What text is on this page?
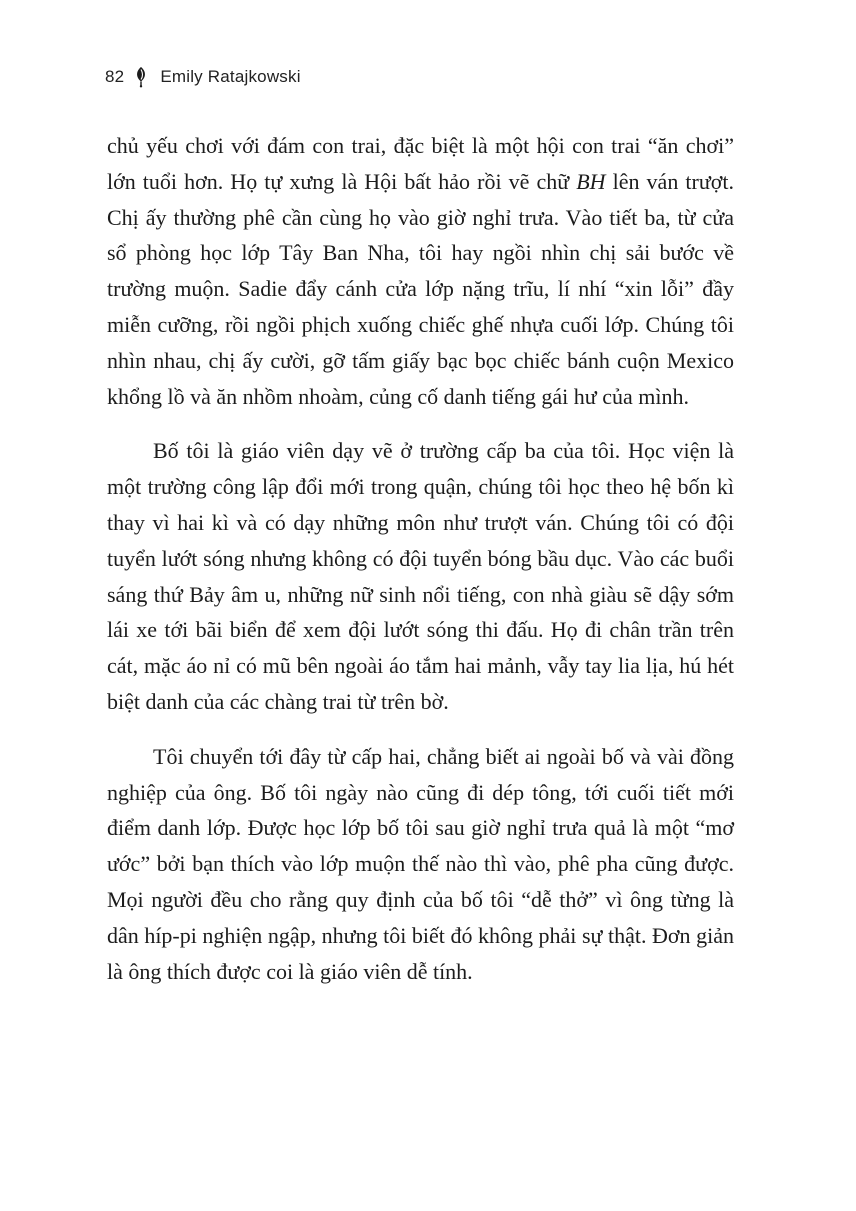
82 Emily Ratajkowski

chủ yếu chơi với đám con trai, đặc biệt là một hội con trai “ăn chơi” lớn tuổi hơn. Họ tự xưng là Hội bất hảo rồi vẽ chữ BH lên ván trượt. Chị ấy thường phê cần cùng họ vào giờ nghỉ trưa. Vào tiết ba, từ cửa sổ phòng học lớp Tây Ban Nha, tôi hay ngồi nhìn chị sải bước về trường muộn. Sadie đẩy cánh cửa lớp nặng trĩu, lí nhí “xin lỗi” đầy miễn cưỡng, rồi ngồi phịch xuống chiếc ghế nhựa cuối lớp. Chúng tôi nhìn nhau, chị ấy cười, gỡ tấm giấy bạc bọc chiếc bánh cuộn Mexico khổng lồ và ăn nhồm nhoàm, củng cố danh tiếng gái hư của mình.

Bố tôi là giáo viên dạy vẽ ở trường cấp ba của tôi. Học viện là một trường công lập đổi mới trong quận, chúng tôi học theo hệ bốn kì thay vì hai kì và có dạy những môn như trượt ván. Chúng tôi có đội tuyển lướt sóng nhưng không có đội tuyển bóng bầu dục. Vào các buổi sáng thứ Bảy âm u, những nữ sinh nổi tiếng, con nhà giàu sẽ dậy sớm lái xe tới bãi biển để xem đội lướt sóng thi đấu. Họ đi chân trần trên cát, mặc áo nỉ có mũ bên ngoài áo tắm hai mảnh, vẫy tay lia lịa, hú hét biệt danh của các chàng trai từ trên bờ.

Tôi chuyển tới đây từ cấp hai, chẳng biết ai ngoài bố và vài đồng nghiệp của ông. Bố tôi ngày nào cũng đi dép tông, tới cuối tiết mới điểm danh lớp. Được học lớp bố tôi sau giờ nghỉ trưa quả là một “mơ ước” bởi bạn thích vào lớp muộn thế nào thì vào, phê pha cũng được. Mọi người đều cho rằng quy định của bố tôi “dễ thở” vì ông từng là dân híp-pi nghiện ngập, nhưng tôi biết đó không phải sự thật. Đơn giản là ông thích được coi là giáo viên dễ tính.
